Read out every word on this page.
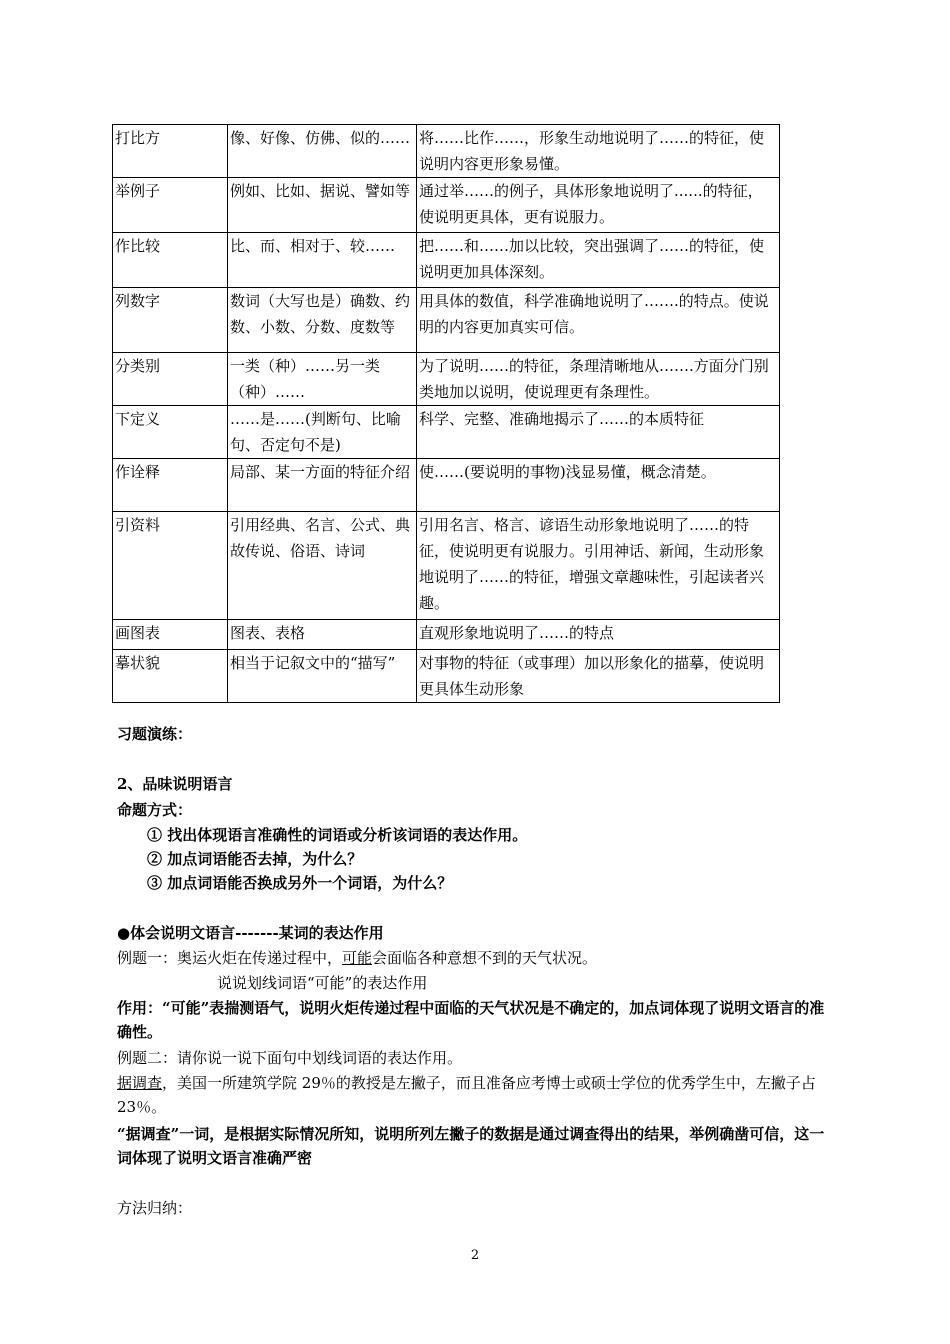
打比方	像、好像、仿佛、似的……	将……比作……，形象生动地说明了……的特征，使说明内容更形象易懂。
举例子	例如、比如、据说、譬如等	通过举……的例子，具体形象地说明了......的特征，使说明更具体，更有说服力。
作比较	比、而、相对于、较……	把……和……加以比较，突出强调了……的特征，使说明更加具体深刻。
列数字	数词（大写也是）确数、约数、小数、分数、度数等	用具体的数值，科学准确地说明了…….的特点。使说明的内容更加真实可信。
分类别	一类（种）……另一类（种）……	为了说明……的特征，条理清晰地从…….方面分门别类地加以说明，使说理更有条理性。
下定义	……是……(判断句、比喻句、否定句不是)	科学、完整、准确地揭示了……的本质特征
作诠释	局部、某一方面的特征介绍	使……(要说明的事物)浅显易懂，概念清楚。
引资料	引用经典、名言、公式、典故传说、俗语、诗词	引用名言、格言、谚语生动形象地说明了……的特征，使说明更有说服力。引用神话、新闻，生动形象地说明了……的特征，增强文章趣味性，引起读者兴趣。
画图表	图表、表格	直观形象地说明了……的特点
摹状貌	相当于记叙文中的“描写”	对事物的特征（或事理）加以形象化的描摹，使说明更具体生动形象
习题演练：
2、品味说明语言
命题方式：
① 找出体现语言准确性的词语或分析该词语的表达作用。
② 加点词语能否去掉，为什么？
③ 加点词语能否换成另外一个词语，为什么？
●体会说明文语言-------某词的表达作用
例题一：奥运火炬在传递过程中，可能会面临各种意想不到的天气状况。
说说划线词语“可能”的表达作用
作用：“可能”表揣测语气，说明火炬传递过程中面临的天气状况是不确定的，加点词体现了说明文语言的准确性。
例题二：请你说一说下面句中划线词语的表达作用。
据调查，美国一所建筑学院 29％的教授是左撇子，而且准备应考博士或硕士学位的优秀学生中，左撇子占 23％。
“据调查”一词，是根据实际情况所知，说明所列左撇子的数据是通过调查得出的结果，举例确凿可信，这一词体现了说明文语言准确严密
方法归纳：
2
